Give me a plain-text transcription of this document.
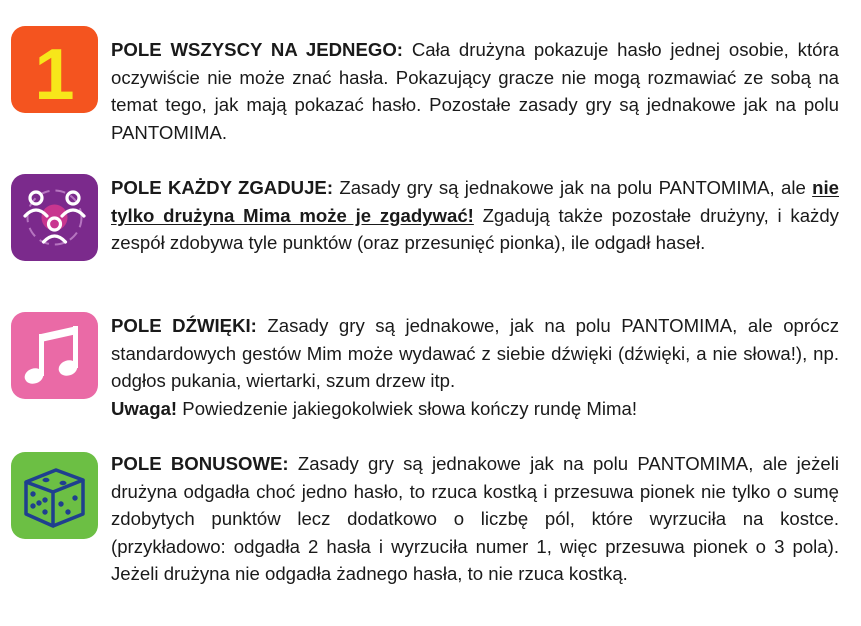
1 POLE WSZYSCY NA JEDNEGO: Cała drużyna pokazuje hasło jednej osobie, która oczywiście nie może znać hasła. Pokazujący gracze nie mogą rozmawiać ze sobą na temat tego, jak mają pokazać hasło. Pozostałe zasady gry są jednakowe jak na polu PANTOMIMA.
POLE KAŻDY ZGADUJE: Zasady gry są jednakowe jak na polu PANTOMIMA, ale nie tylko drużyna Mima może je zgadywać! Zgadują także pozostałe drużyny, i każdy zespół zdobywa tyle punktów (oraz przesunięć pionka), ile odgadł haseł.
POLE DŹWIĘKI: Zasady gry są jednakowe, jak na polu PANTOMIMA, ale oprócz standardowych gestów Mim może wydawać z siebie dźwięki (dźwięki, a nie słowa!), np. odgłos pukania, wiertarki, szum drzew itp.
Uwaga! Powiedzenie jakiegokolwiek słowa kończy rundę Mima!
POLE BONUSOWE: Zasady gry są jednakowe jak na polu PANTOMIMA, ale jeżeli drużyna odgadła choć jedno hasło, to rzuca kostką i przesuwa pionek nie tylko o sumę zdobytych punktów lecz dodatkowo o liczbę pól, które wyrzuciła na kostce. (przykładowo: odgadła 2 hasła i wyrzuciła numer 1, więc przesuwa pionek o 3 pola). Jeżeli drużyna nie odgadła żadnego hasła, to nie rzuca kostką.
